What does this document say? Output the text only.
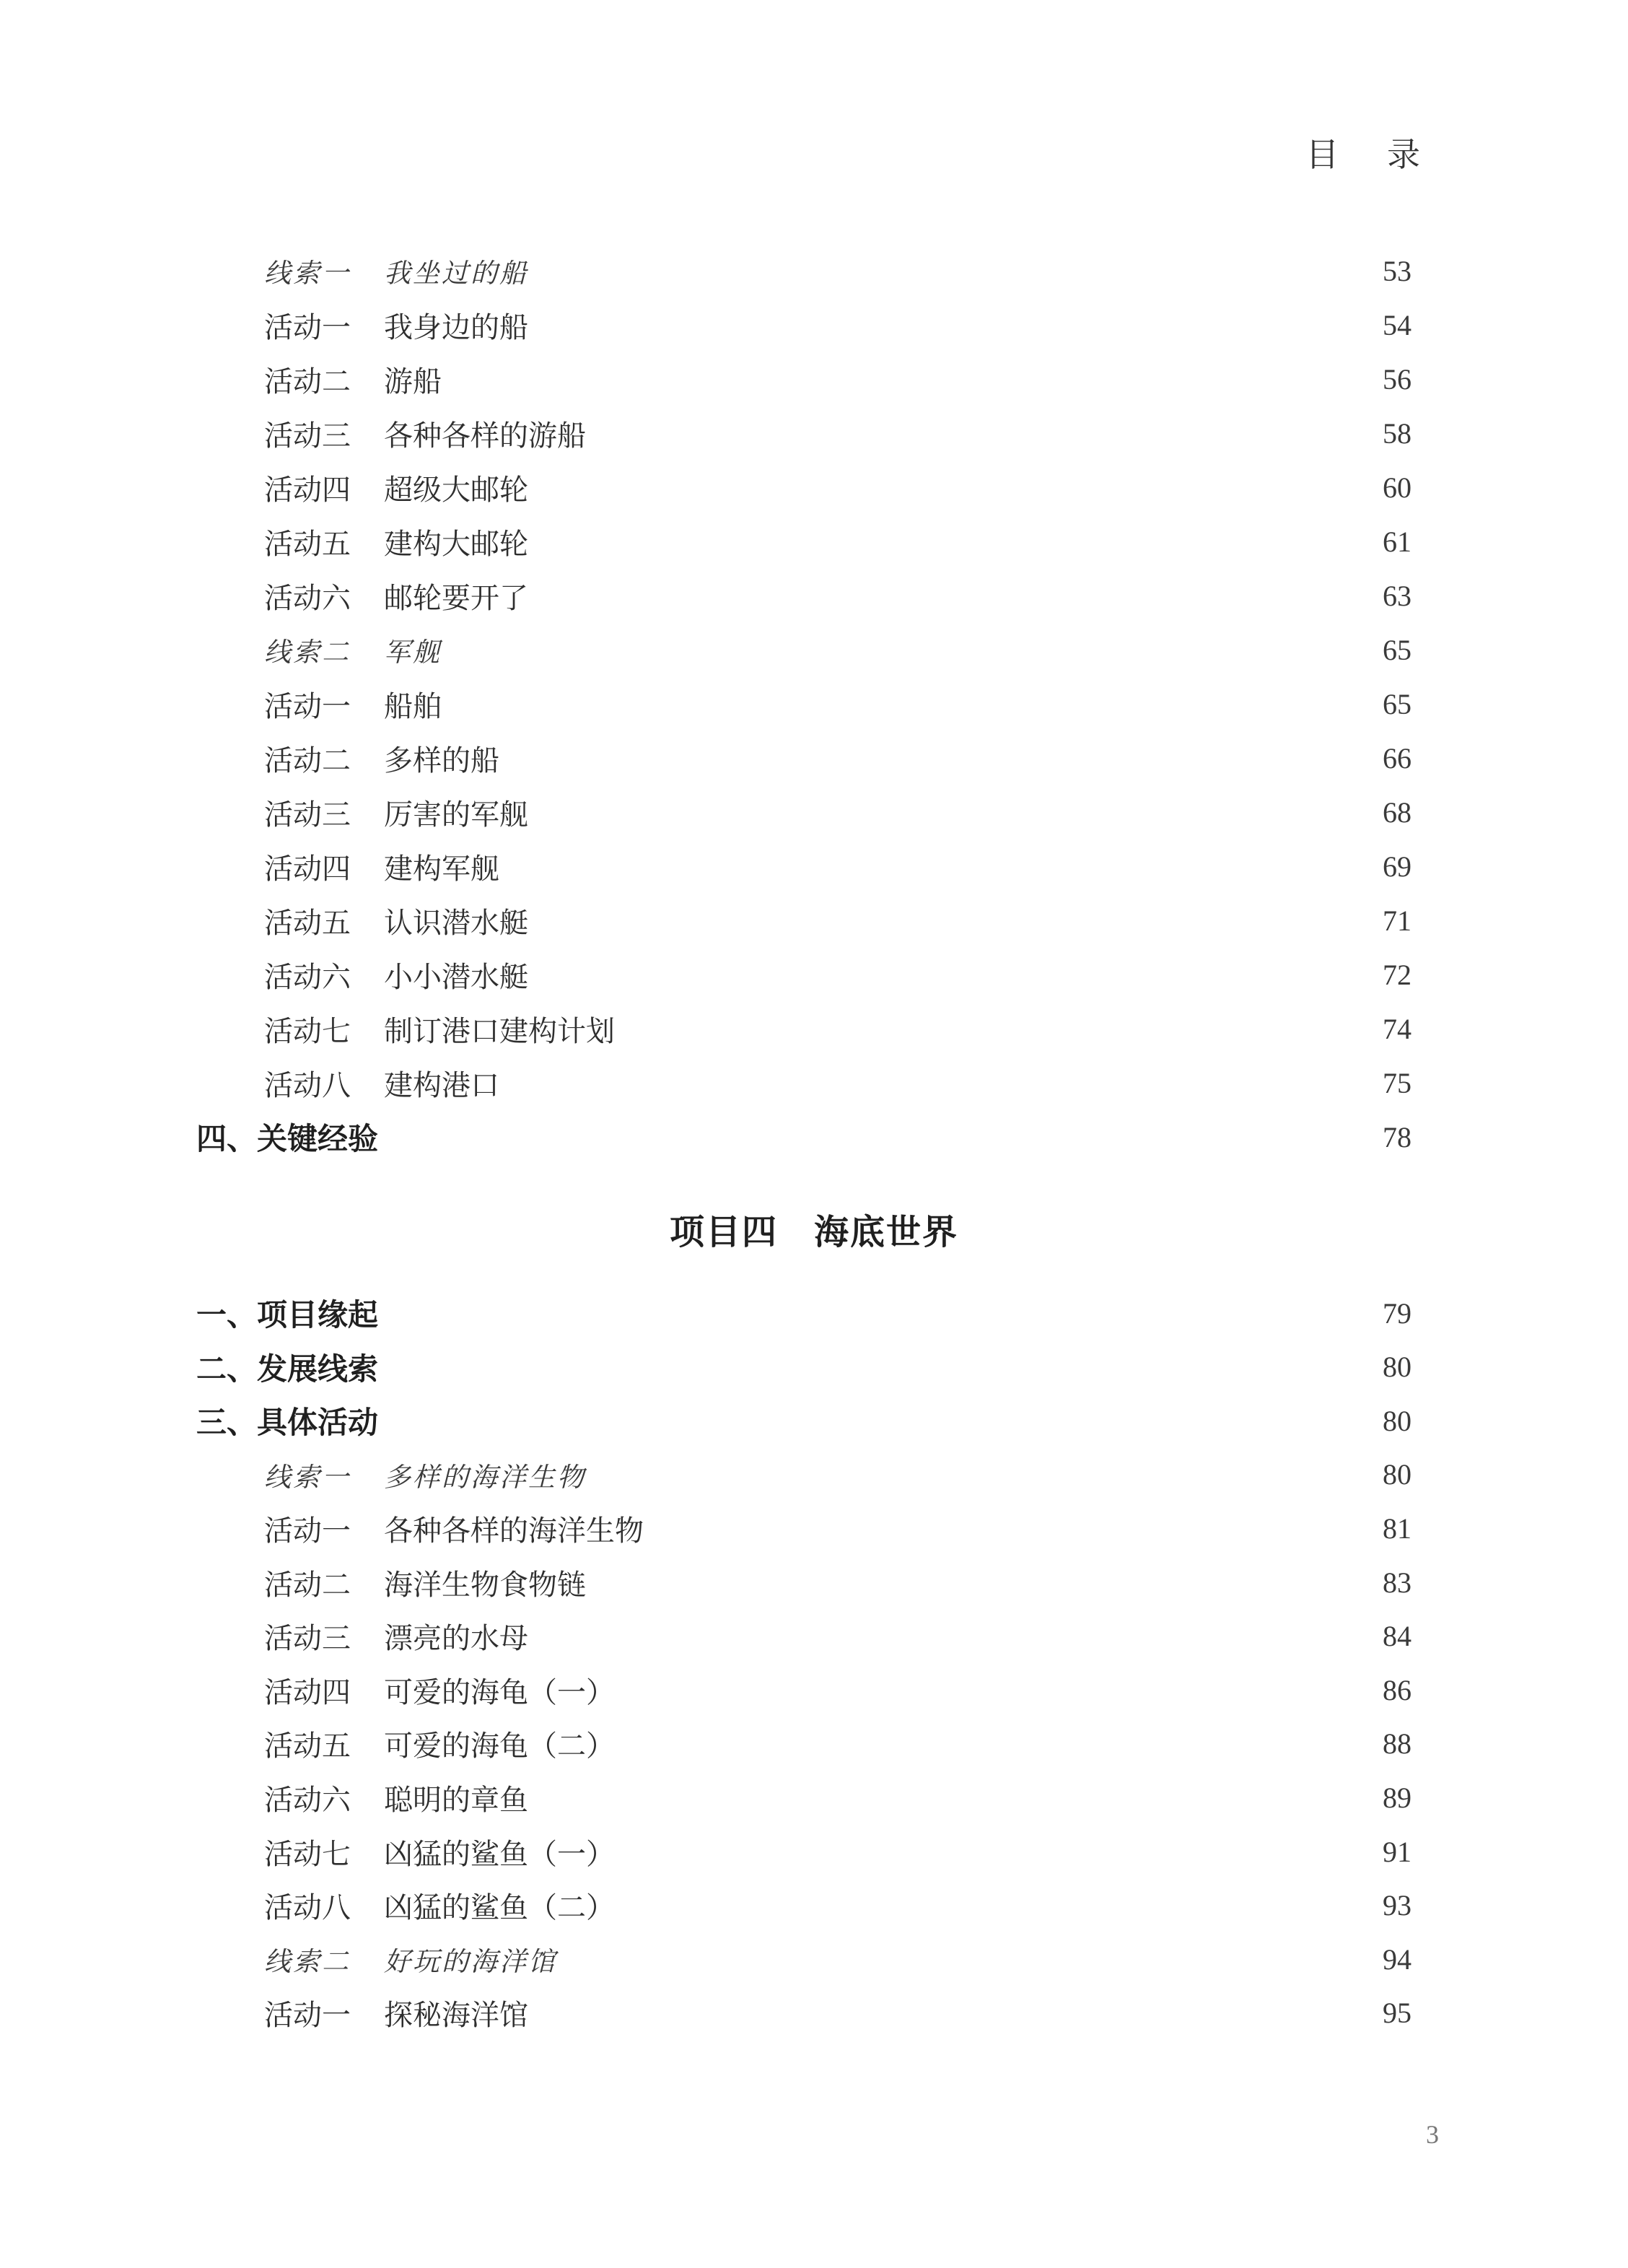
目 录
线索一 我坐过的船	53
活动一 我身边的船	54
活动二 游船	56
活动三 各种各样的游船	58
活动四 超级大邮轮	60
活动五 建构大邮轮	61
活动六 邮轮要开了	63
线索二 军舰	65
活动一 船舶	65
活动二 多样的船	66
活动三 厉害的军舰	68
活动四 建构军舰	69
活动五 认识潜水艇	71
活动六 小小潜水艇	72
活动七 制订港口建构计划	74
活动八 建构港口	75
四、关键经验	78
项目四　海底世界
一、项目缘起	79
二、发展线索	80
三、具体活动	80
线索一 多样的海洋生物	80
活动一 各种各样的海洋生物	81
活动二 海洋生物食物链	83
活动三 漂亮的水母	84
活动四 可爱的海龟（一）	86
活动五 可爱的海龟（二）	88
活动六 聪明的章鱼	89
活动七 凶猛的鲨鱼（一）	91
活动八 凶猛的鲨鱼（二）	93
线索二 好玩的海洋馆	94
活动一 探秘海洋馆	95
3
